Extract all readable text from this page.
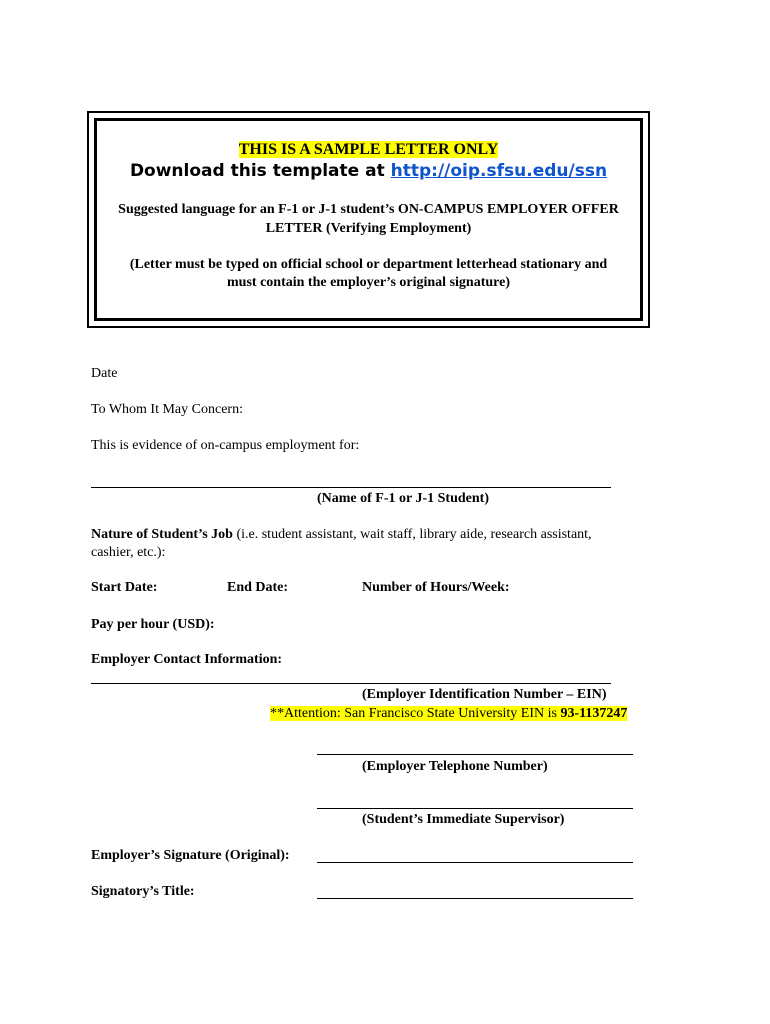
THIS IS A SAMPLE LETTER ONLY
Download this template at http://oip.sfsu.edu/ssn
Suggested language for an F-1 or J-1 student’s ON-CAMPUS EMPLOYER OFFER
LETTER (Verifying Employment)
(Letter must be typed on official school or department letterhead stationary and
must contain the employer’s original signature)
Date
To Whom It May Concern:
This is evidence of on-campus employment for:
(Name of F-1 or J-1 Student)
Nature of Student’s Job (i.e. student assistant, wait staff, library aide, research assistant,
cashier, etc.):
Start Date:	End Date:	Number of Hours/Week:
Pay per hour (USD):
Employer Contact Information:
(Employer Identification Number – EIN)
**Attention: San Francisco State University EIN is 93-1137247
(Employer Telephone Number)
(Student’s Immediate Supervisor)
Employer’s Signature (Original):
Signatory’s Title:
